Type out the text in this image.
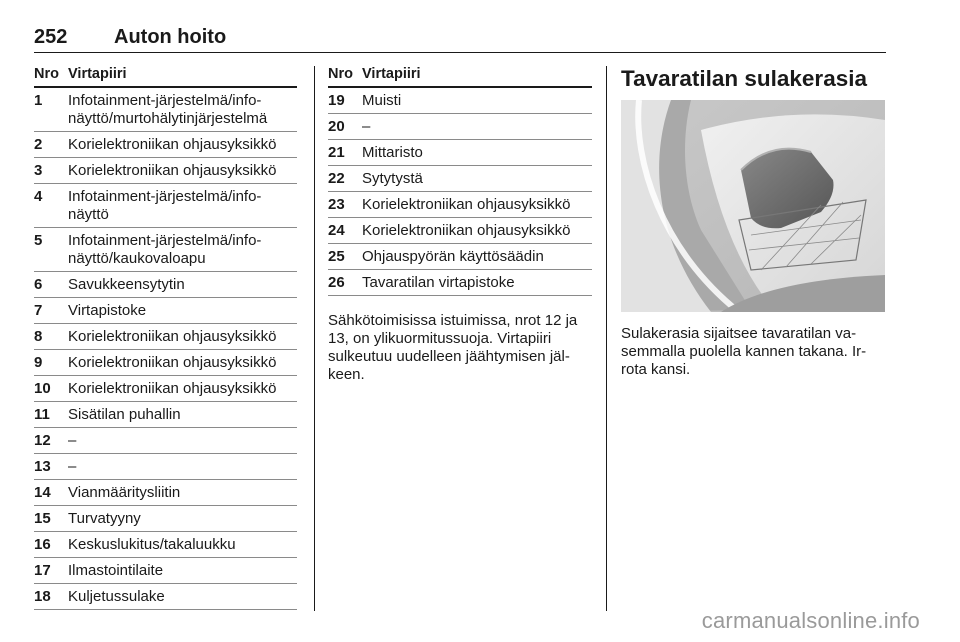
252 Auton hoito
Nro Virtapiiri
1	Infotainment-järjestelmä/info-näyttö/murtohälytinjärjestelmä
2	Korielektroniikan ohjausyksikkö
3	Korielektroniikan ohjausyksikkö
4	Infotainment-järjestelmä/info-näyttö
5	Infotainment-järjestelmä/info-näyttö/kaukovaloapu
6	Savukkeensytytin
7	Virtapistoke
8	Korielektroniikan ohjausyksikkö
9	Korielektroniikan ohjausyksikkö
10	Korielektroniikan ohjausyksikkö
11	Sisätilan puhallin
12	–
13	–
14	Vianmääritysliitin
15	Turvatyyny
16	Keskuslukitus/takaluukku
17	Ilmastointilaite
18	Kuljetussulake
Nro Virtapiiri
19	Muisti
20	–
21	Mittaristo
22	Sytytystä
23	Korielektroniikan ohjausyksikkö
24	Korielektroniikan ohjausyksikkö
25	Ohjauspyörän käyttösäädin
26	Tavaratilan virtapistoke
Sähkötoimisissa istuimissa, nrot 12 ja 13, on ylikuormitussuoja. Virtapiiri sulkeutuu uudelleen jäähtymisen jäl-keen.
Tavaratilan sulakerasia
Sulakerasia sijaitsee tavaratilan va-semmalla puolella kannen takana. Ir-rota kansi.
carmanualsonline.info
